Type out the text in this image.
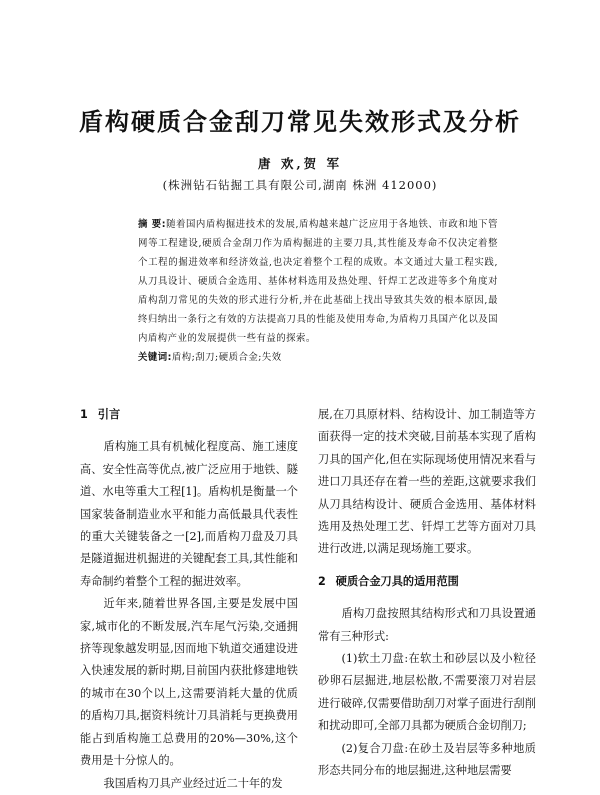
盾构硬质合金刮刀常见失效形式及分析
唐 欢,贺 军
(株洲钻石钻掘工具有限公司,湖南 株洲 412000)
摘 要:随着国内盾构掘进技术的发展,盾构越来越广泛应用于各地铁、市政和地下管网等工程建设,硬质合金刮刀作为盾构掘进的主要刀具,其性能及寿命不仅决定着整个工程的掘进效率和经济效益,也决定着整个工程的成败。本文通过大量工程实践,从刀具设计、硬质合金选用、基体材料选用及热处理、钎焊工艺改进等多个角度对盾构刮刀常见的失效的形式进行分析,并在此基础上找出导致其失效的根本原因,最终归纳出一条行之有效的方法提高刀具的性能及使用寿命,为盾构刀具国产化以及国内盾构产业的发展提供一些有益的探索。
关键词:盾构;刮刀;硬质合金;失效
1 引言

盾构施工具有机械化程度高、施工速度高、安全性高等优点,被广泛应用于地铁、隧道、水电等重大工程[1]。盾构机是衡量一个国家装备制造业水平和能力高低最具代表性的重大关键装备之一[2],而盾构刀盘及刀具是隧道掘进机掘进的关键配套工具,其性能和寿命制约着整个工程的掘进效率。

近年来,随着世界各国,主要是发展中国家,城市化的不断发展,汽车尾气污染,交通拥挤等现象越发明显,因而地下轨道交通建设进入快速发展的新时期,目前国内获批修建地铁的城市在30个以上,这需要消耗大量的优质的盾构刀具,据资料统计刀具消耗与更换费用能占到盾构施工总费用的20%—30%,这个费用是十分惊人的。

我国盾构刀具产业经过近二十年的发

展,在刀具原材料、结构设计、加工制造等方面获得一定的技术突破,目前基本实现了盾构刀具的国产化,但在实际现场使用情况来看与进口刀具还存在着一些的差距,这就要求我们从刀具结构设计、硬质合金选用、基体材料选用及热处理工艺、钎焊工艺等方面对刀具进行改进,以满足现场施工要求。

2 硬质合金刀具的适用范围

盾构刀盘按照其结构形式和刀具设置通常有三种形式:

(1)软土刀盘:在软土和砂层以及小粒径砂卵石层掘进,地层松散,不需要滚刀对岩层进行破碎,仅需要借助刮刀对掌子面进行刮削和扰动即可,全部刀具都为硬质合金切削刀;

(2)复合刀盘:在砂土及岩层等多种地质形态共同分布的地层掘进,这种地层需要
